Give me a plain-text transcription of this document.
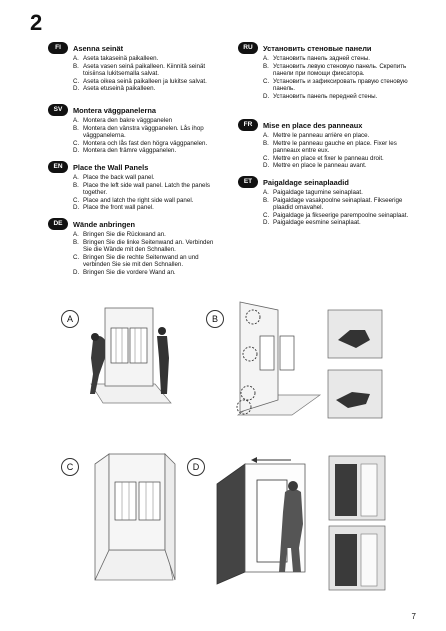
2
FI	Asenna seinät
A. Aseta takaseinä paikalleen.
B. Aseta vasen seinä paikalleen. Kiinnitä seinät toisiinsa lukitsemalla salvat.
C. Aseta oikea seinä paikalleen ja lukitse salvat.
D. Aseta etuseinä paikalleen.
SV	Montera väggpanelerna
A. Montera den bakre väggpanelen
B. Montera den vänstra väggpanelen. Lås ihop väggpanelerna.
C. Montera och lås fast den högra väggpanelen.
D. Montera den främre väggpanelen.
EN	Place the Wall Panels
A. Place the back wall panel.
B. Place the left side wall panel. Latch the panels together.
C. Place and latch the right side wall panel.
D. Place the front wall panel.
DE	Wände anbringen
A. Bringen Sie die Rückwand an.
B. Bringen Sie die linke Seitenwand an. Verbinden Sie die Wände mit den Schnallen.
C. Bringen Sie die rechte Seitenwand an und verbinden Sie sie mit den Schnallen.
D. Bringen Sie die vordere Wand an.
RU	Установить стеновые панели
A. Установить панель задней стены.
B. Установить левую стеновую панель. Скрепить панели при помощи фиксатора.
C. Установить и зафиксировать правую стеновую панель.
D. Установить панель передней стены.
FR	Mise en place des panneaux
A. Mettre le panneau arrière en place.
B. Mettre le panneau gauche en place. Fixer les panneaux entre eux.
C. Mettre en place et fixer le panneau droit.
D. Mettre en place le panneau avant.
ET	Paigaldage seinaplaadid
A. Paigaldage tagumine seinaplaat.
B. Paigaldage vasakpoolne seinaplaat. Fikseerige plaadid omavahel.
C. Paigaldage ja fikseerige parempoolne seinaplaat.
D. Paigaldage eesmine seinaplaat.
A	B
C	D
7
